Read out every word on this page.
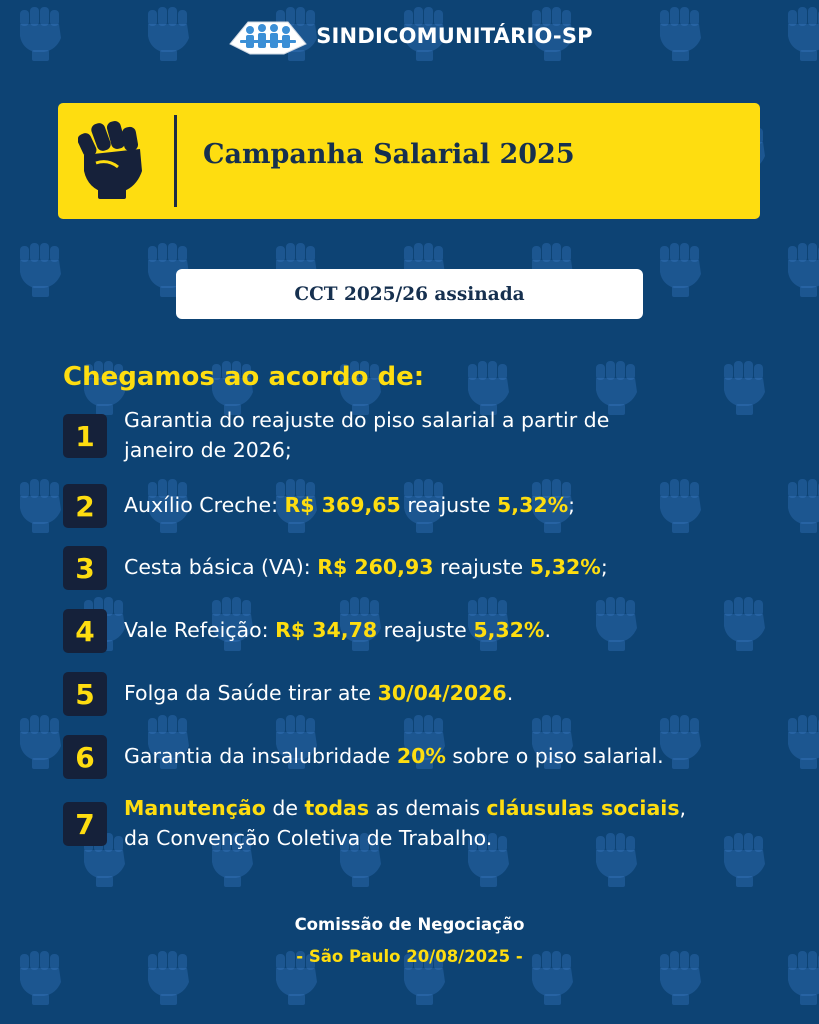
SINDICOMUNITÁRIO-SP
Campanha Salarial 2025
CCT 2025/26 assinada
Chegamos ao acordo de:
1	Garantia do reajuste do piso salarial a partir de
janeiro de 2026;
2	Auxílio Creche: R$ 369,65 reajuste 5,32%;
3	Cesta básica (VA): R$ 260,93 reajuste 5,32%;
4	Vale Refeição: R$ 34,78 reajuste 5,32%.
5	Folga da Saúde tirar ate 30/04/2026.
6	Garantia da insalubridade 20% sobre o piso salarial.
7	Manutenção de todas as demais cláusulas sociais,
da Convenção Coletiva de Trabalho.
Comissão de Negociação
- São Paulo 20/08/2025 -
